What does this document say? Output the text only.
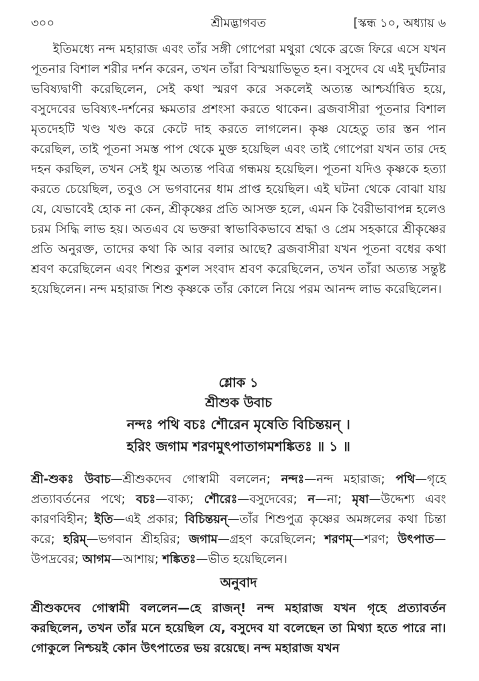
৩০০	শ্রীমদ্ভাগবত	[স্কন্ধ ১০, অধ্যায় ৬

ইতিমধ্যে নন্দ মহারাজ এবং তাঁর সঙ্গী গোপেরা মথুরা থেকে ব্রজে ফিরে এসে যখন পূতনার বিশাল শরীর দর্শন করেন, তখন তাঁরা বিস্ময়াভিভূত হন। বসুদেব যে এই দুর্ঘটনার ভবিষ্যদ্বাণী করেছিলেন, সেই কথা স্মরণ করে সকলেই অত্যন্ত আশ্চর্যান্বিত হয়ে, বসুদেবের ভবিষ্যৎ-দর্শনের ক্ষমতার প্রশংসা করতে থাকেন। ব্রজবাসীরা পূতনার বিশাল মৃতদেহটি খণ্ড খণ্ড করে কেটে দাহ করতে লাগলেন। কৃষ্ণ যেহেতু তার স্তন পান করেছিল, তাই পূতনা সমস্ত পাপ থেকে মুক্ত হয়েছিল এবং তাই গোপেরা যখন তার দেহ দহন করছিল, তখন সেই ধূম অত্যন্ত পবিত্র গন্ধময় হয়েছিল। পূতনা যদিও কৃষ্ণকে হত্যা করতে চেয়েছিল, তবুও সে ভগবানের ধাম প্রাপ্ত হয়েছিল। এই ঘটনা থেকে বোঝা যায় যে, যেভাবেই হোক না কেন, শ্রীকৃষ্ণের প্রতি আসক্ত হলে, এমন কি বৈরীভাবাপন্ন হলেও চরম সিদ্ধি লাভ হয়। অতএব যে ভক্তরা স্বাভাবিকভাবে শ্রদ্ধা ও প্রেম সহকারে শ্রীকৃষ্ণের প্রতি অনুরক্ত, তাদের কথা কি আর বলার আছে? ব্রজবাসীরা যখন পূতনা বধের কথা শ্রবণ করেছিলেন এবং শিশুর কুশল সংবাদ শ্রবণ করেছিলেন, তখন তাঁরা অত্যন্ত সন্তুষ্ট হয়েছিলেন। নন্দ মহারাজ শিশু কৃষ্ণকে তাঁর কোলে নিয়ে পরম আনন্দ লাভ করেছিলেন।

শ্লোক ১
শ্রীশুক উবাচ
নন্দঃ পথি বচঃ শৌরেন মৃষেতি বিচিন্তয়ন্ ।
হরিং জগাম শরণমুৎপাতাগমশঙ্কিতঃ ॥ ১ ॥
শ্রী-শুকঃ উবাচ—শ্রীশুকদেব গোস্বামী বললেন; নন্দঃ—নন্দ মহারাজ; পথি—গৃহে প্রত্যাবর্তনের পথে; বচঃ—বাক্য; শৌরেঃ—বসুদেবের; ন—না; মৃষা—উদ্দেশ্য এবং কারণবিহীন; ইতি—এই প্রকার; বিচিন্তয়ন্—তাঁর শিশুপুত্র কৃষ্ণের অমঙ্গলের কথা চিন্তা করে; হরিম্—ভগবান শ্রীহরির; জগাম—গ্রহণ করেছিলেন; শরণম্—শরণ; উৎপাত—উপদ্রবের; আগম—আশায়; শঙ্কিতঃ—ভীত হয়েছিলেন।
অনুবাদ
শ্রীশুকদেব গোস্বামী বললেন—হে রাজন্! নন্দ মহারাজ যখন গৃহে প্রত্যাবর্তন করছিলেন, তখন তাঁর মনে হয়েছিল যে, বসুদেব যা বলেছেন তা মিথ্যা হতে পারে না। গোকুলে নিশ্চয়ই কোন উৎপাতের ভয় রয়েছে। নন্দ মহারাজ যখন
